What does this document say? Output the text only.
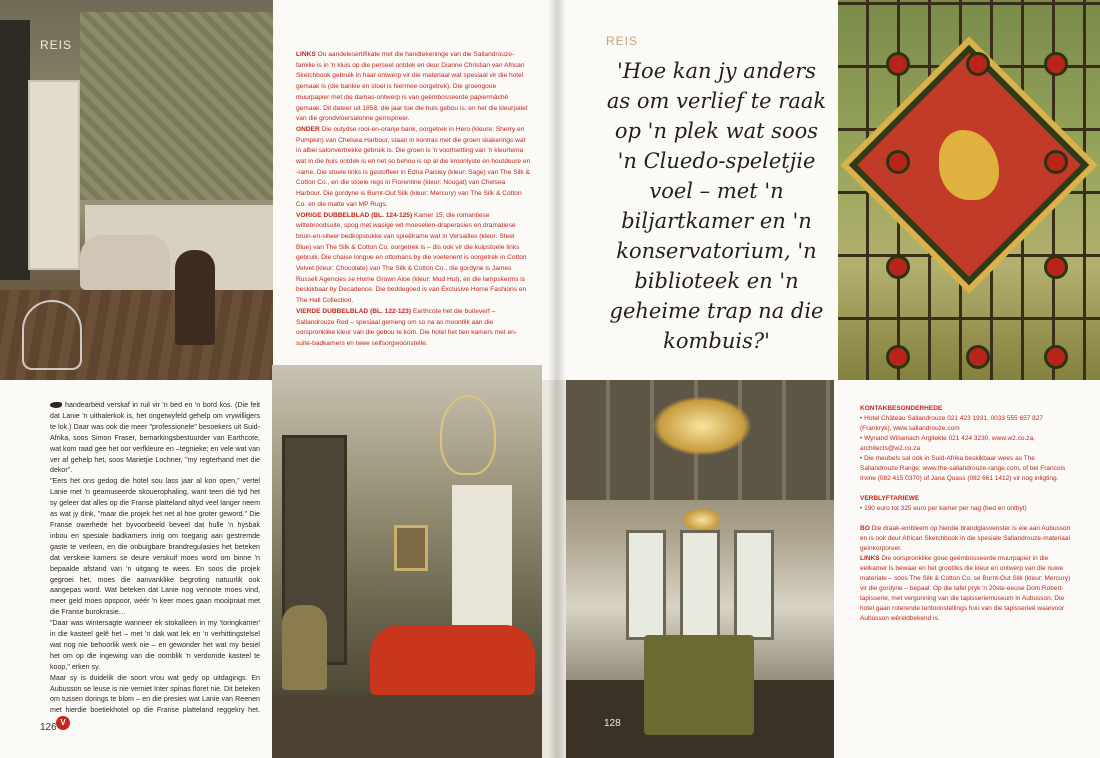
REIS
LINKS Ou aandelesertifikate met die handtekeninge van die Sallandrouze-familie is in 'n kluis op die perseel ontdek en deur Dianne Christian van African Sketchbook gebruik in haar ontwerp vir die materiaal wat spesiaal vir die hotel gemaak is (die bankie en stoel is hiermee oorgetrek). Die groengoue muurpapier met die damas-ontwerp is van geëmbosseerde papiermâché gemaak. Dit dateer uit 1858, die jaar toe die huis gebou is, en het die kleurpalet van die grondvloersalonne geïnspireer.
ONDER Die outydse rooi-en-oranje bank, oorgetrek in Hero (kleure: Sherry en Pumpkin) van Chelsea Harbour, staan in kontras met die groen skakerings wat in albei salonvertrekke gebruik is. Die groen is 'n voortsetting van 'n kleurtema wat in die huis ontdek is en net so behou is op al die kroonlyste en houtdeure en -rame. Die stoele links is gestoffeer in Edna Paisley (kleur: Sage) van The Silk & Cotton Co., en die stoele regs in Florentine (kleur: Nougat) van Chelsea Harbour. Die gordyne is Burnt-Out Silk (kleur: Mercury) van The Silk & Cotton Co. en die matte van MP Rugs.
VORIGE DUBBELBLAD (BL. 124-125) Kamer 15, die romantiese wittebroodsuite, spog met wasige wit moeselien-draperasies en dramatiese bruin-en-silwer bedkopstukke van spieëlrame wat in Versailles (kleur: Steel Blue) van The Silk & Cotton Co. oorgetrek is – dis ook vir die kuipstoele links gebruik. Die chaise longue en ottomans by die voetenent is oorgetrek in Cotton Velvet (kleur: Chocolate) van The Silk & Cotton Co., die gordyne is James Russell Agencies se Home Grown Aloe (kleur: Mud Hut), en die lampskerms is beskikbaar by Decadence. Die beddegoed is van Exclusive Home Fashions en The Hall Collection.
VIERDE DUBBELBLAD (BL. 122-123) Earthcote het die buiteverf – Sallandrouze Red – spesiaal gemeng om so na as moontlik aan die oorspronklike kleur van die gebou te kom. Die hotel het tien kamers met en-suite-badkamers en twee selfsorgwoonstelle.

handearbeid verskaf in ruil vir 'n bed en 'n bord kos. (Die feit dat Lanie 'n uithalerkok is, het ongetwyfeld gehelp om vrywilligers te lok.) Daar was ook die meer "professionele" besoekers uit Suid-Afrika, soos Simon Fraser, bemarkingsbestuurder van Earthcote, wat kom raad gee het oor verfkleure en –tegnieke; en vele wat van ver af gehelp het, soos Marietjie Lochner, "my regterhand met die dekor".

"Eers het ons gedog die hotel sou lass jaar al kon open," vertel Lanie met 'n geamuseerde skouerophaling, want teen dié tyd het sy geleer dat alles op die Franse platteland altyd veel langer neem as wat jy dink, "maar die projek het net al hoe groter geword." Die Franse owerhede het byvoorbeeld beveel dat hulle 'n hysbak inbou en spesiale badkamers inrig om toegang aan gestremde gaste te verleen, en die onbuigbare brandregulasies het beteken dat verskeie kamers se deure verskuif moes word om binne 'n bepaalde afstand van 'n uitgang te wees. En soos die projek gegroei het, moes die aanvanklike begroting natuurlik ook aangepas word. Wat beteken dat Lanie nog vennote moes vind, meer geld moes opspoor, wéér 'n keer moes gaan mooipraat met die Franse burokrasie…

"Daar was wintersagte wanneer ek stokalleen in my 'toringkamer' in die kasteel gelê het – met 'n dak wat lek en 'n verhittingstelsel wat nog nie behoorlik werk nie – en gewonder het wat my besiel het om op die ingewing van die oomblik 'n verdomde kasteel te koop," erken sy.

Maar sy is duidelik die soort vrou wat gedy op uitdagings. En Aubusson se leuse is nie verniet Inter spinas floret nie. Dit beteken om tussen dorings te blom – en die presies wat Lanie van Reenen met hierdie boetiekhotel op die Franse platteland reggekry het.V

126
REIS
'Hoe kan jy anders as om verlief te raak op 'n plek wat soos 'n Cluedo-speletjie voel – met 'n biljartkamer en 'n konservatorium, 'n biblioteek en 'n geheime trap na die kombuis?'
128
KONTAKBESONDERHEDE
• Hotel Château Sallandrouze 021 423 1931, 0033 555 657 827 (Frankryk), www.sallandrouze.com
• Wynand Wilsenach Argitekte 021 424 3230, www.w2.co.za, architects@w2.co.za
• Die meubels sal ook in Suid-Afrika beskikbaar wees as The Sallandrouze Range; www.the-sallandrouze-range.com, of bel Francois Irvine (082 415 0370) of Jana Quass (082 661 1412) vir nog inligting.
VERBLYFTARIEWE
• 190 euro tot 325 euro per kamer per nag (bed en ontbyt)
BO Die draak-embleem op hierdie brandglasvenster is eie aan Aubusson en is ook deur African Sketchbook in die spesiale Sallandrouze-materiaal geïnkorporeer.
LINKS Die oorspronklike goue geëmbosseerde muurpapier in die eetkamer is bewaar en het grootliks die kleur en ontwerp van die nuwe materiale – soos The Silk & Cotton Co. se Burnt-Out Silk (kleur: Mercury) vir die gordyne – bepaal. Op die tafel pryk 'n 20ste-eeuse Dom Robert-tapisserie, met vergunning van die tapisseriemuseum in Aubusson. Die hotel gaan roterende tentoonstellings hou van die tapisserieë waarvoor Aubusson wêreldbekend is.
